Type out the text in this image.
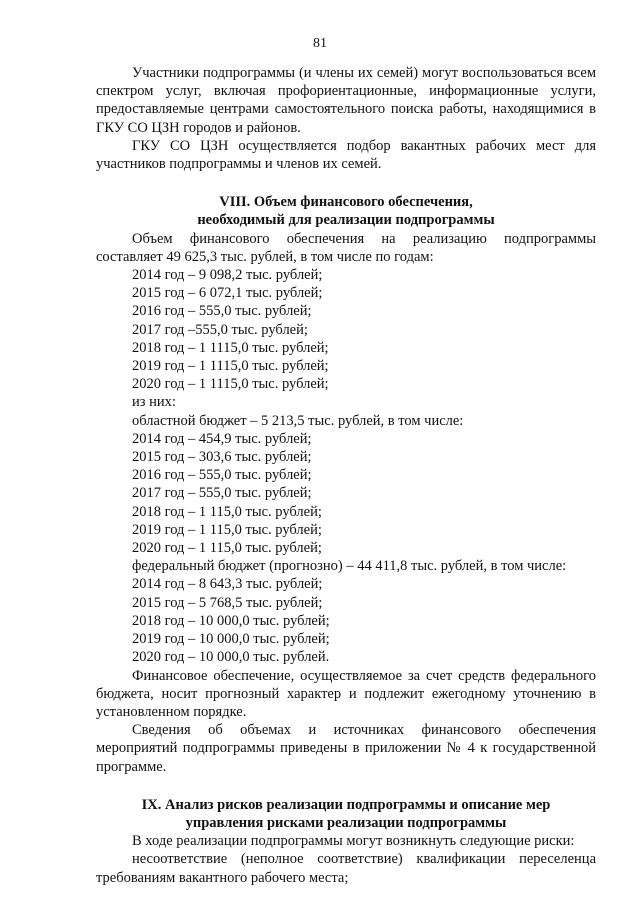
81

Участники подпрограммы (и члены их семей) могут воспользоваться всем спектром услуг, включая профориентационные, информационные услуги, предоставляемые центрами самостоятельного поиска работы, находящимися в ГКУ СО ЦЗН городов и районов.

ГКУ СО ЦЗН осуществляется подбор вакантных рабочих мест для участников подпрограммы и членов их семей.

VIII. Объем финансового обеспечения,

необходимый для реализации подпрограммы

Объем финансового обеспечения на реализацию подпрограммы составляет 49 625,3 тыс. рублей, в том числе по годам:

2014 год – 9 098,2 тыс. рублей;

2015 год – 6 072,1 тыс. рублей;

2016 год – 555,0 тыс. рублей;

2017 год –555,0 тыс. рублей;

2018 год – 1 1115,0 тыс. рублей;

2019 год – 1 1115,0 тыс. рублей;

2020 год – 1 1115,0 тыс. рублей;

из них:

областной бюджет – 5 213,5 тыс. рублей, в том числе:

2014 год – 454,9 тыс. рублей;

2015 год – 303,6 тыс. рублей;

2016 год – 555,0 тыс. рублей;

2017 год – 555,0 тыс. рублей;

2018 год – 1 115,0 тыс. рублей;

2019 год – 1 115,0 тыс. рублей;

2020 год – 1 115,0 тыс. рублей;

федеральный бюджет (прогнозно) – 44 411,8 тыс. рублей, в том числе:

2014 год – 8 643,3 тыс. рублей;

2015 год – 5 768,5 тыс. рублей;

2018 год – 10 000,0 тыс. рублей;

2019 год – 10 000,0 тыс. рублей;

2020 год – 10 000,0 тыс. рублей.

Финансовое обеспечение, осуществляемое за счет средств федерального бюджета, носит прогнозный характер и подлежит ежегодному уточнению в установленном порядке.

Сведения об объемах и источниках финансового обеспечения мероприятий подпрограммы приведены в приложении № 4 к государственной программе.

IX. Анализ рисков реализации подпрограммы и описание мер

управления рисками реализации подпрограммы

В ходе реализации подпрограммы могут возникнуть следующие риски:

несоответствие (неполное соответствие) квалификации переселенца требованиям вакантного рабочего места;
